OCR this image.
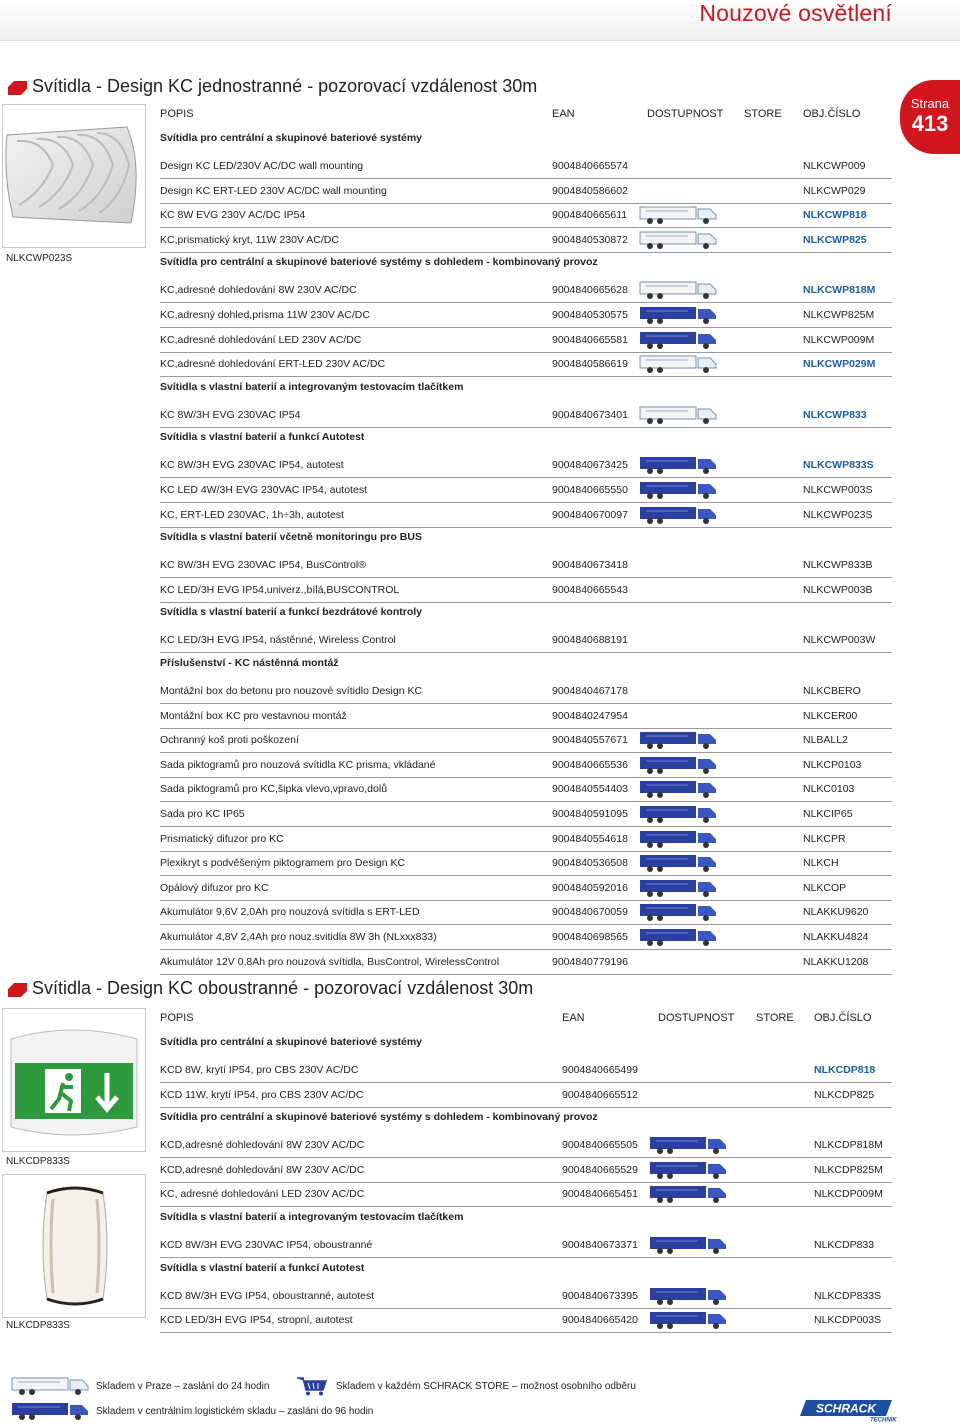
Nouzové osvětlení
Strana
413
Svítidla - Design KC jednostranné - pozorovací vzdálenost 30m
NLKCWP023S
POPIS	EAN	DOSTUPNOST STORE OBJ.ČÍSLO
Svítidla pro centrální a skupinové bateriové systémy
Design KC LED/230V AC/DC wall mounting	9004840665574	NLKCWP009
Design KC ERT-LED 230V AC/DC wall mounting	9004840586602	NLKCWP029
KC 8W EVG 230V AC/DC IP54	9004840665611	NLKCWP818
KC,prismatický kryt, 11W 230V AC/DC	9004840530872	NLKCWP825
Svítidla pro centrální a skupinové bateriové systémy s dohledem - kombinovaný provoz
KC,adresné dohledování 8W 230V AC/DC	9004840665628	NLKCWP818M
KC,adresný dohled,prisma 11W 230V AC/DC	9004840530575	NLKCWP825M
KC,adresné dohledování LED 230V AC/DC	9004840665581	NLKCWP009M
KC,adresné dohledování ERT-LED 230V AC/DC	9004840586619	NLKCWP029M
Svítidla s vlastní baterií a integrovaným testovacím tlačítkem
KC 8W/3H EVG 230VAC IP54	9004840673401	NLKCWP833
Svítidla s vlastní baterií a funkcí Autotest
KC 8W/3H EVG 230VAC IP54, autotest	9004840673425	NLKCWP833S
KC LED 4W/3H EVG 230VAC IP54, autotest	9004840665550	NLKCWP003S
KC, ERT-LED 230VAC, 1h÷3h, autotest	9004840670097	NLKCWP023S
Svítidla s vlastní baterií včetně monitoringu pro BUS
KC 8W/3H EVG 230VAC IP54, BusControl®	9004840673418	NLKCWP833B
KC LED/3H EVG IP54,univerz.,bílá,BUSCONTROL	9004840665543	NLKCWP003B
Svítidla s vlastní baterií a funkcí bezdrátové kontroly
KC LED/3H EVG IP54, nástěnné, Wireless Control	9004840688191	NLKCWP003W
Příslušenství - KC nástěnná montáž
Montážní box do betonu pro nouzové svítidlo Design KC	9004840467178	NLKCBERO
Montážní box KC pro vestavnou montáž	9004840247954	NLKCER00
Ochranný koš proti poškození	9004840557671	NLBALL2
Sada piktogramů pro nouzová svítidla KC prisma, vkládané	9004840665536	NLKCP0103
Sada piktogramů pro KC,šipka vlevo,vpravo,dolů	9004840554403	NLKC0103
Sada pro KC IP65	9004840591095	NLKCIP65
Prismatický difuzor pro KC	9004840554618	NLKCPR
Plexikryt s podvěšeným piktogramem pro Design KC	9004840536508	NLKCH
Opálový difuzor pro KC	9004840592016	NLKCOP
Akumulátor 9,6V 2,0Ah pro nouzová svítidla s ERT-LED	9004840670059	NLAKKU9620
Akumulátor 4,8V 2,4Ah pro nouz.svitidla 8W 3h (NLxxx833)	9004840698565	NLAKKU4824
Akumulátor 12V 0,8Ah pro nouzová svítidla, BusControl, WirelessControl	9004840779196	NLAKKU1208
Svítidla - Design KC oboustranné - pozorovací vzdálenost 30m
NLKCDP833S
NLKCDP833S
POPIS	EAN	DOSTUPNOST STORE OBJ.ČÍSLO
Svítidla pro centrální a skupinové bateriové systémy
KCD 8W, krytí IP54, pro CBS 230V AC/DC	9004840665499	NLKCDP818
KCD 11W, krytí IP54, pro CBS 230V AC/DC	9004840665512	NLKCDP825
Svítidla pro centrální a skupinové bateriové systémy s dohledem - kombinovaný provoz
KCD,adresné dohledování 8W 230V AC/DC	9004840665505	NLKCDP818M
KCD,adresné dohledování 8W 230V AC/DC	9004840665529	NLKCDP825M
KC, adresné dohledování LED 230V AC/DC	9004840665451	NLKCDP009M
Svítidla s vlastní baterií a integrovaným testovacím tlačítkem
KCD 8W/3H EVG 230VAC IP54, oboustranné	9004840673371	NLKCDP833
Svítidla s vlastní baterií a funkcí Autotest
KCD 8W/3H EVG IP54, oboustranné, autotest	9004840673395	NLKCDP833S
KCD LED/3H EVG IP54, stropní, autotest	9004840665420	NLKCDP003S
Skladem v Praze – zaslání do 24 hodin	Skladem v každém SCHRACK STORE – možnost osobního odběru
Skladem v centrálním logistickém skladu – zasláni do 96 hodin	SCHRACK
TECHNIK
